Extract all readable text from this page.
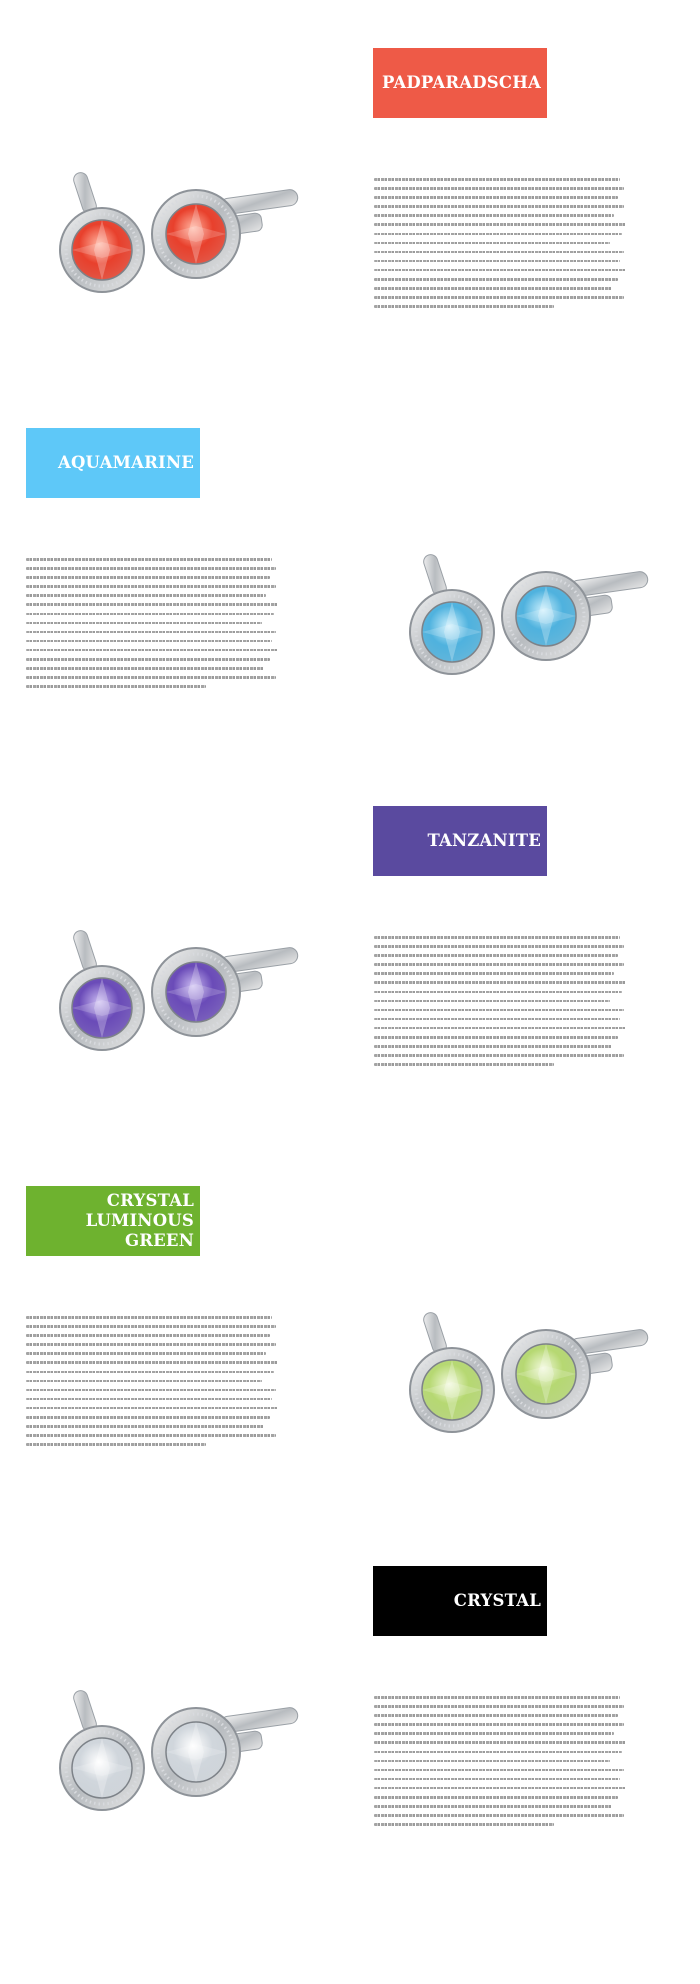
PADPARADSCHA
AQUAMARINE
TANZANITE
CRYSTAL LUMINOUS GREEN
CRYSTAL
